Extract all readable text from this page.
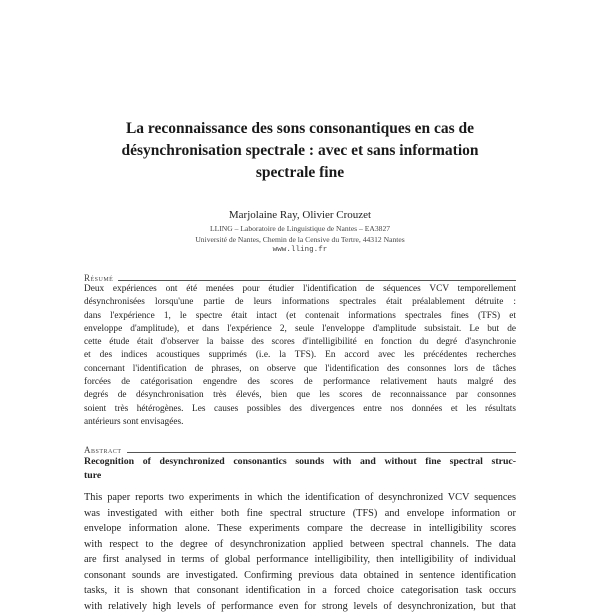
La reconnaissance des sons consonantiques en cas de
désynchronisation spectrale : avec et sans information
spectrale fine
Marjolaine Ray, Olivier Crouzet
LLING – Laboratoire de Linguistique de Nantes – EA3827
Université de Nantes, Chemin de la Censive du Tertre, 44312 Nantes
www.lling.fr
Résumé
Deux expériences ont été menées pour étudier l'identification de séquences VCV temporellement
désynchronisées lorsqu'une partie de leurs informations spectrales était préalablement détruite :
dans l'expérience 1, le spectre était intact (et contenait informations spectrales fines (TFS) et
enveloppe d'amplitude), et dans l'expérience 2, seule l'enveloppe d'amplitude subsistait. Le but de
cette étude était d'observer la baisse des scores d'intelligibilité en fonction du degré d'asynchronie
et des indices acoustiques supprimés (i.e. la TFS). En accord avec les précédentes recherches
concernant l'identification de phrases, on observe que l'identification des consonnes lors de tâches
forcées de catégorisation engendre des scores de performance relativement hauts malgré des
degrés de désynchronisation très élevés, bien que les scores de reconnaissance par consonnes
soient très hétérogènes. Les causes possibles des divergences entre nos données et les résultats
antérieurs sont envisagées.
Abstract
Recognition of desynchronized consonantics sounds with and without fine spectral struc-
ture
This paper reports two experiments in which the identification of desynchronized VCV sequences
was investigated with either both fine spectral structure (TFS) and envelope information or
envelope information alone. These experiments compare the decrease in intelligibility scores
with respect to the degree of desynchronization applied between spectral channels. The data
are first analysed in terms of global performance intelligibility, then intelligibility of individual
consonant sounds are investigated. Confirming previous data obtained in sentence identification
tasks, it is shown that consonant identification in a forced choice categorisation task occurs
with relatively high levels of performance even for strong levels of desynchronization, but that
